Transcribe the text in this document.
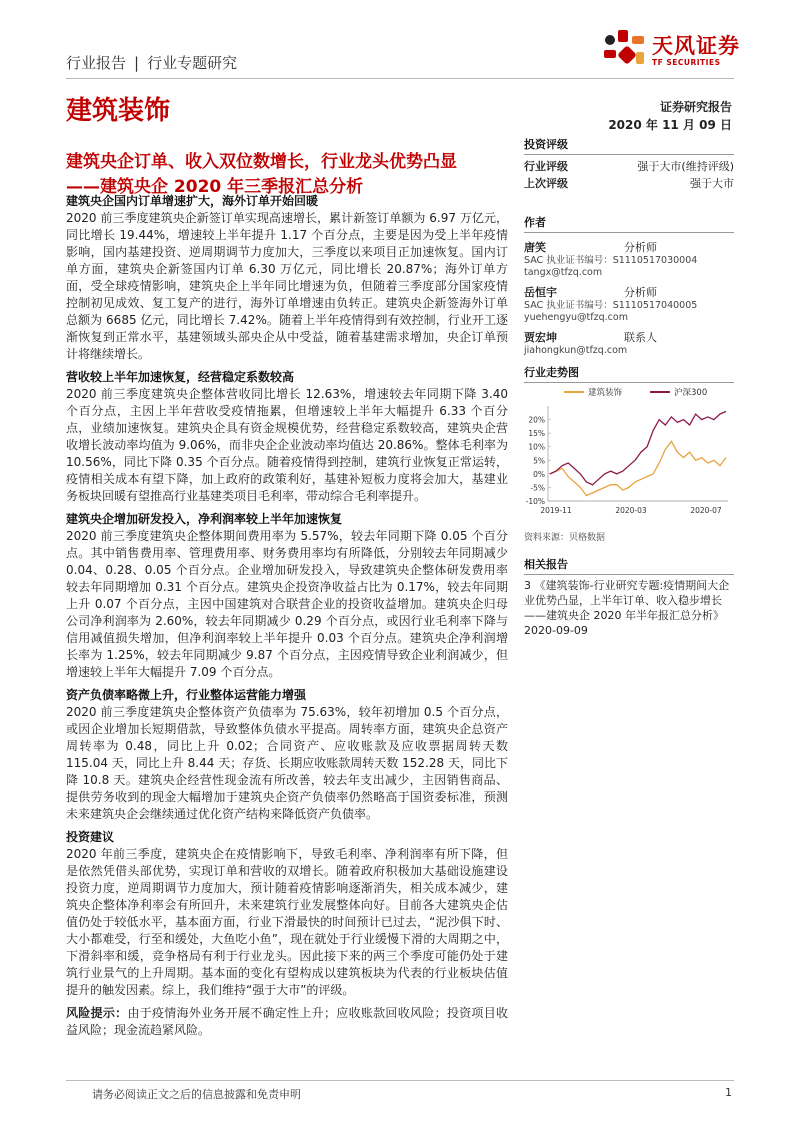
行业报告 | 行业专题研究
天风证券
TF SECURITIES
建筑装饰	证券研究报告
2020 年 11 月 09 日
建筑央企订单、收入双位数增长，行业龙头优势凸显
——建筑央企 2020 年三季报汇总分析

建筑央企国内订单增速扩大，海外订单开始回暖

2020 前三季度建筑央企新签订单实现高速增长，累计新签订单额为 6.97 万亿元，同比增长 19.44%，增速较上半年提升 1.17 个百分点，主要是因为受上半年疫情影响，国内基建投资、逆周期调节力度加大，三季度以来项目正加速恢复。国内订单方面，建筑央企新签国内订单 6.30 万亿元，同比增长 20.87%；海外订单方面，受全球疫情影响，建筑央企上半年同比增速为负，但随着三季度部分国家疫情控制初见成效、复工复产的进行，海外订单增速由负转正。建筑央企新签海外订单总额为 6685 亿元，同比增长 7.42%。随着上半年疫情得到有效控制，行业开工逐渐恢复到正常水平，基建领域头部央企从中受益，随着基建需求增加，央企订单预计将继续增长。

营收较上半年加速恢复，经营稳定系数较高

2020 前三季度建筑央企整体营收同比增长 12.63%，增速较去年同期下降 3.40 个百分点，主因上半年营收受疫情拖累，但增速较上半年大幅提升 6.33 个百分点，业绩加速恢复。建筑央企具有资金规模优势，经营稳定系数较高，建筑央企营收增长波动率均值为 9.06%，而非央企企业波动率均值达 20.86%。整体毛利率为 10.56%，同比下降 0.35 个百分点。随着疫情得到控制，建筑行业恢复正常运转，疫情相关成本有望下降，加上政府的政策利好，基建补短板力度将会加大，基建业务板块回暖有望推高行业基建类项目毛利率，带动综合毛利率提升。

建筑央企增加研发投入，净利润率较上半年加速恢复

2020 前三季度建筑央企整体期间费用率为 5.57%，较去年同期下降 0.05 个百分点。其中销售费用率、管理费用率、财务费用率均有所降低，分别较去年同期减少 0.04、0.28、0.05 个百分点。企业增加研发投入，导致建筑央企整体研发费用率较去年同期增加 0.31 个百分点。建筑央企投资净收益占比为 0.17%，较去年同期上升 0.07 个百分点，主因中国建筑对合联营企业的投资收益增加。建筑央企归母公司净利润率为 2.60%，较去年同期减少 0.29 个百分点，或因行业毛利率下降与信用减值损失增加，但净利润率较上半年提升 0.03 个百分点。建筑央企净利润增长率为 1.25%，较去年同期减少 9.87 个百分点，主因疫情导致企业利润减少，但增速较上半年大幅提升 7.09 个百分点。

资产负债率略微上升，行业整体运营能力增强

2020 前三季度建筑央企整体资产负债率为 75.63%，较年初增加 0.5 个百分点，或因企业增加长短期借款，导致整体负债水平提高。周转率方面，建筑央企总资产周转率为 0.48，同比上升 0.02；合同资产、应收账款及应收票据周转天数 115.04 天，同比上升 8.44 天；存货、长期应收账款周转天数 152.28 天，同比下降 10.8 天。建筑央企经营性现金流有所改善，较去年支出减少，主因销售商品、提供劳务收到的现金大幅增加于建筑央企资产负债率仍然略高于国资委标准，预测未来建筑央企会继续通过优化资产结构来降低资产负债率。

投资建议

2020 年前三季度，建筑央企在疫情影响下，导致毛利率、净利润率有所下降，但是依然凭借头部优势，实现订单和营收的双增长。随着政府积极加大基础设施建设投资力度，逆周期调节力度加大，预计随着疫情影响逐渐消失，相关成本减少，建筑央企整体净利率会有所回升，未来建筑行业发展整体向好。目前各大建筑央企估值仍处于较低水平，基本面方面，行业下滑最快的时间预计已过去，“泥沙俱下时、大小都难受，行至和缓处，大鱼吃小鱼”，现在就处于行业缓慢下滑的大周期之中，下滑斜率和缓，竞争格局有利于行业龙头。因此接下来的两三个季度可能仍处于建筑行业景气的上升周期。基本面的变化有望构成以建筑板块为代表的行业板块估值提升的触发因素。综上，我们维持“强于大市”的评级。

风险提示：由于疫情海外业务开展不确定性上升；应收账款回收风险；投资项目收益风险；现金流趋紧风险。

投资评级
行业评级	强于大市(维持评级)
上次评级	强于大市
作者
唐笑	分析师
SAC 执业证书编号：S1110517030004
tangx@tfzq.com
岳恒宇	分析师
SAC 执业证书编号：S1110517040005
yuehengyu@tfzq.com
贾宏坤	联系人
jiahongkun@tfzq.com
行业走势图
建筑装饰	沪深300
20%
15%
10%
5%
0%
-5%
-10%
2019-11	2020-03	2020-07
资料来源：贝格数据
相关报告
3 《建筑装饰-行业研究专题:疫情期间大企业优势凸显，上半年订单、收入稳步增长——建筑央企 2020 年半年报汇总分析》2020-09-09
请务必阅读正文之后的信息披露和免责申明	1
